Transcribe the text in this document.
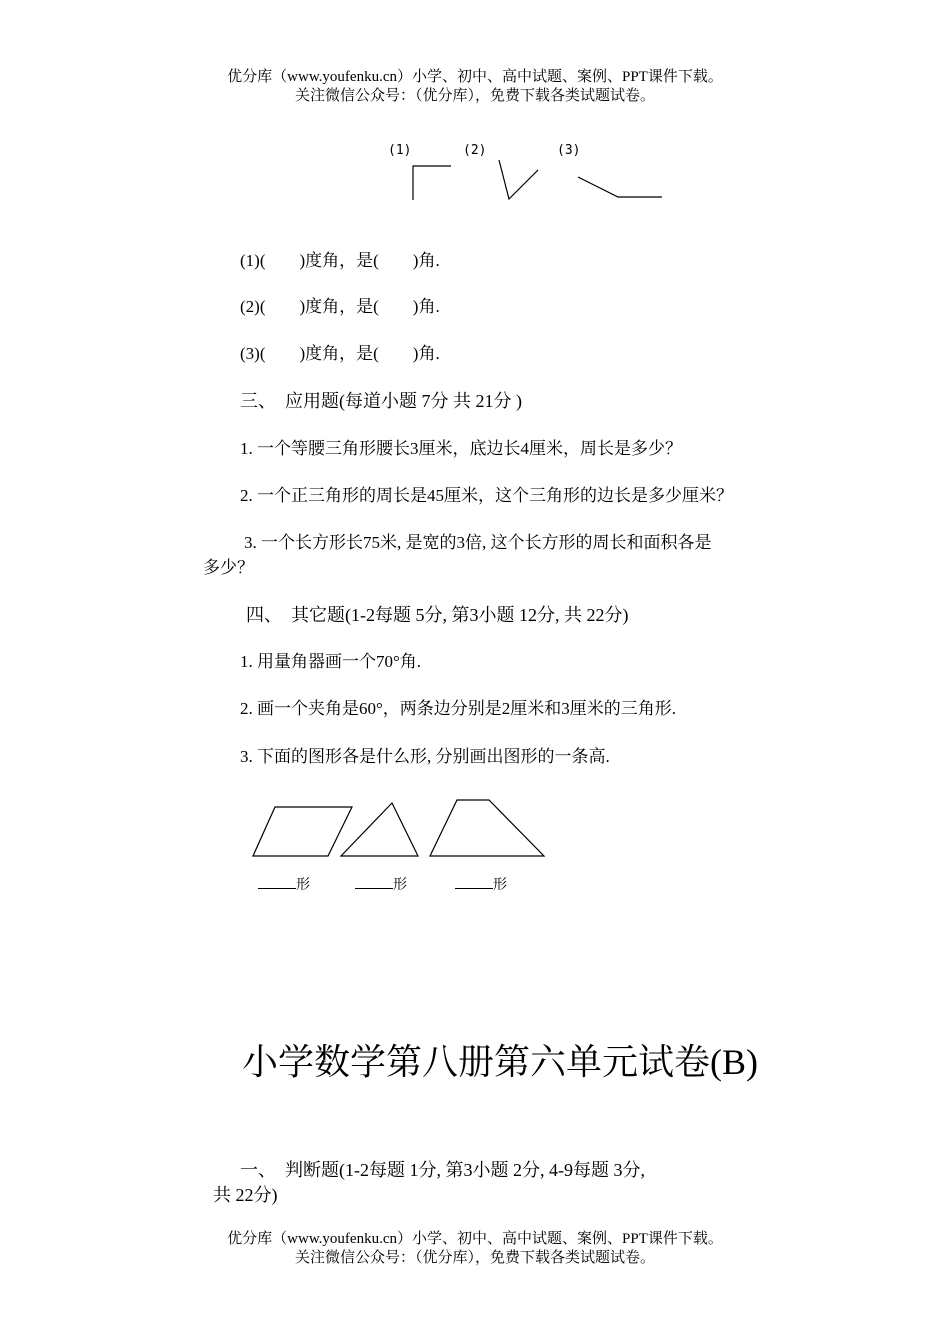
优分库（www.youfenku.cn）小学、初中、高中试题、案例、PPT课件下载。
关注微信公众号：（优分库），免费下载各类试题试卷。
(1)	(2)	(3)
(1)(　　)度角，是(　　)角.
(2)(　　)度角，是(　　)角.
(3)(　　)度角，是(　　)角.
三、　应用题(每道小题 7分 共 21分 )
1. 一个等腰三角形腰长3厘米，底边长4厘米，周长是多少？
2. 一个正三角形的周长是45厘米，这个三角形的边长是多少厘米？
3. 一个长方形长75米, 是宽的3倍, 这个长方形的周长和面积各是
多少？
四、　其它题(1-2每题 5分, 第3小题 12分, 共 22分)
1. 用量角器画一个70°角.
2. 画一个夹角是60°，两条边分别是2厘米和3厘米的三角形.
3. 下面的图形各是什么形, 分别画出图形的一条高.
形	形	形
小学数学第八册第六单元试卷(B)
一、　判断题(1-2每题 1分, 第3小题 2分, 4-9每题 3分,
共 22分)
优分库（www.youfenku.cn）小学、初中、高中试题、案例、PPT课件下载。
关注微信公众号：（优分库），免费下载各类试题试卷。
